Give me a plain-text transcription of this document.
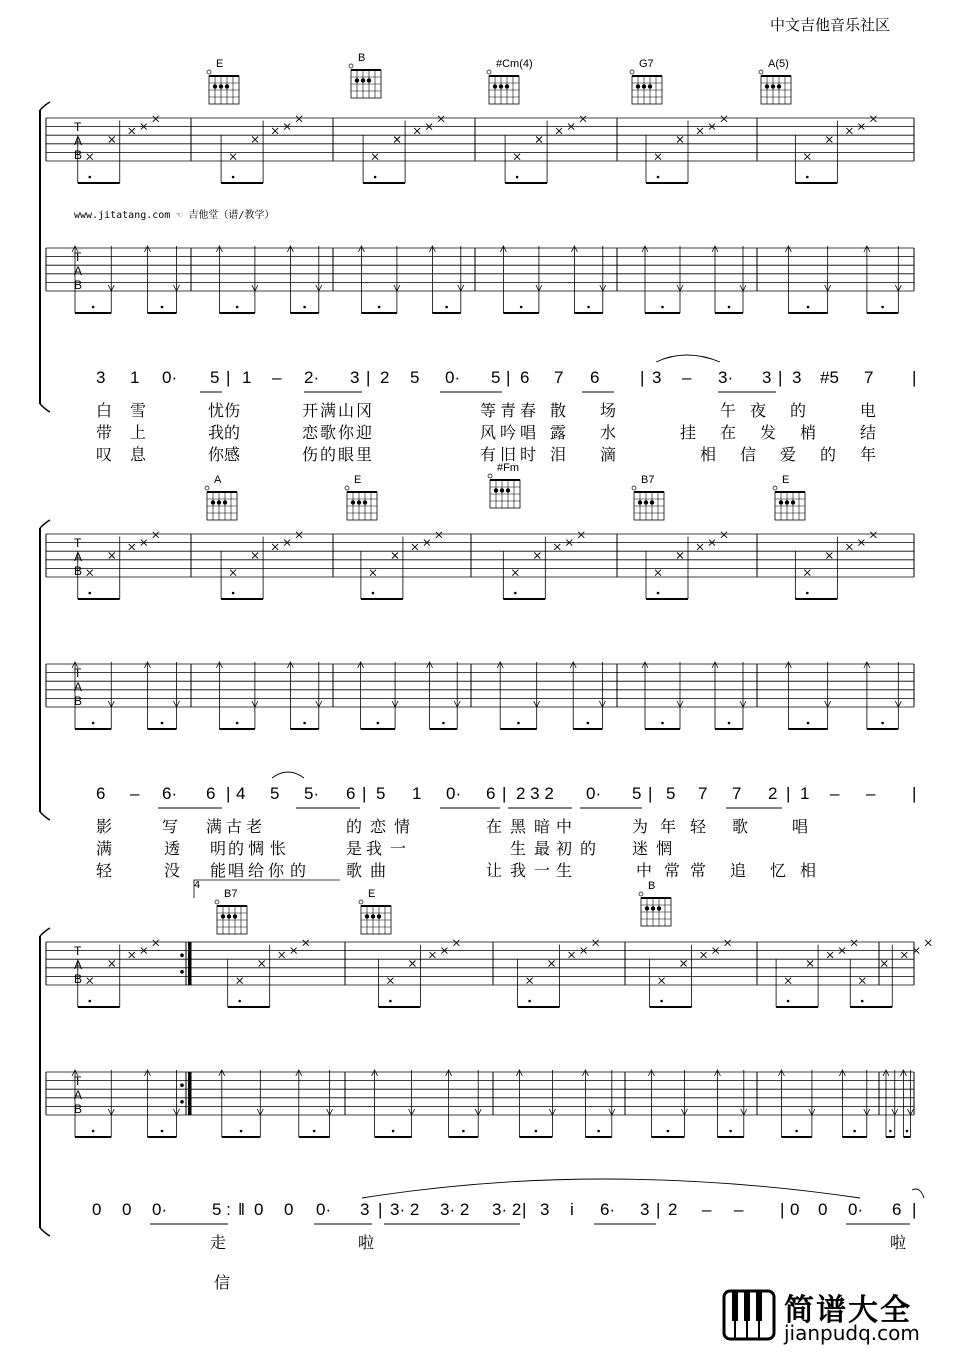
中文吉他音乐社区
www.jitatang.com ☜ 吉他堂（谱/教学）
T
A
B
T
A
B
T
A
B
T
A
B
T
A
B
T
A
B
E	B	#Cm(4)	G7	A(5)
A	E
#Fm
B7	E
B7	E
B
3 1 0· 5 | 1 – 2· 3 | 2 5 0· 5 | 6 7 6 | 3 – 3· 3 | 3 #5 7 |
6 – 6· 6 | 4 5 5· 6 | 5 1 0· 6 | 2 3 2 0· 5 | 5 7 7 2 | 1 – – |
0 0 0·	5 : ‖ 0 0 0· 3 | 3· 2 3· 2 3· 2 | 3 i 6· 3 | 2 – – | 0 0 0· 6 |
白 雪	忧 伤	开 满 山 冈	等 青 春 散 场	午 夜 的	电
带 上	我 的	恋 歌 你 迎	风 吟 唱 露 水	挂 在 发 梢	结
叹 息	你 感	伤 的 眼 里	有 旧 时 泪 滴	相 信 爱 的 年
影	写 满 古 老	的 恋 情	在 黑 暗 中	为 年 轻 歌	唱
满	透 明 的 惆 怅	是 我 一	生 最 初 的 迷 惘
轻	没 能 唱 给 你 的 歌 曲	让 我 一 生	中 常 常 追 忆 相
走	啦	啦
4
信
简谱大全
jianpudq.com
